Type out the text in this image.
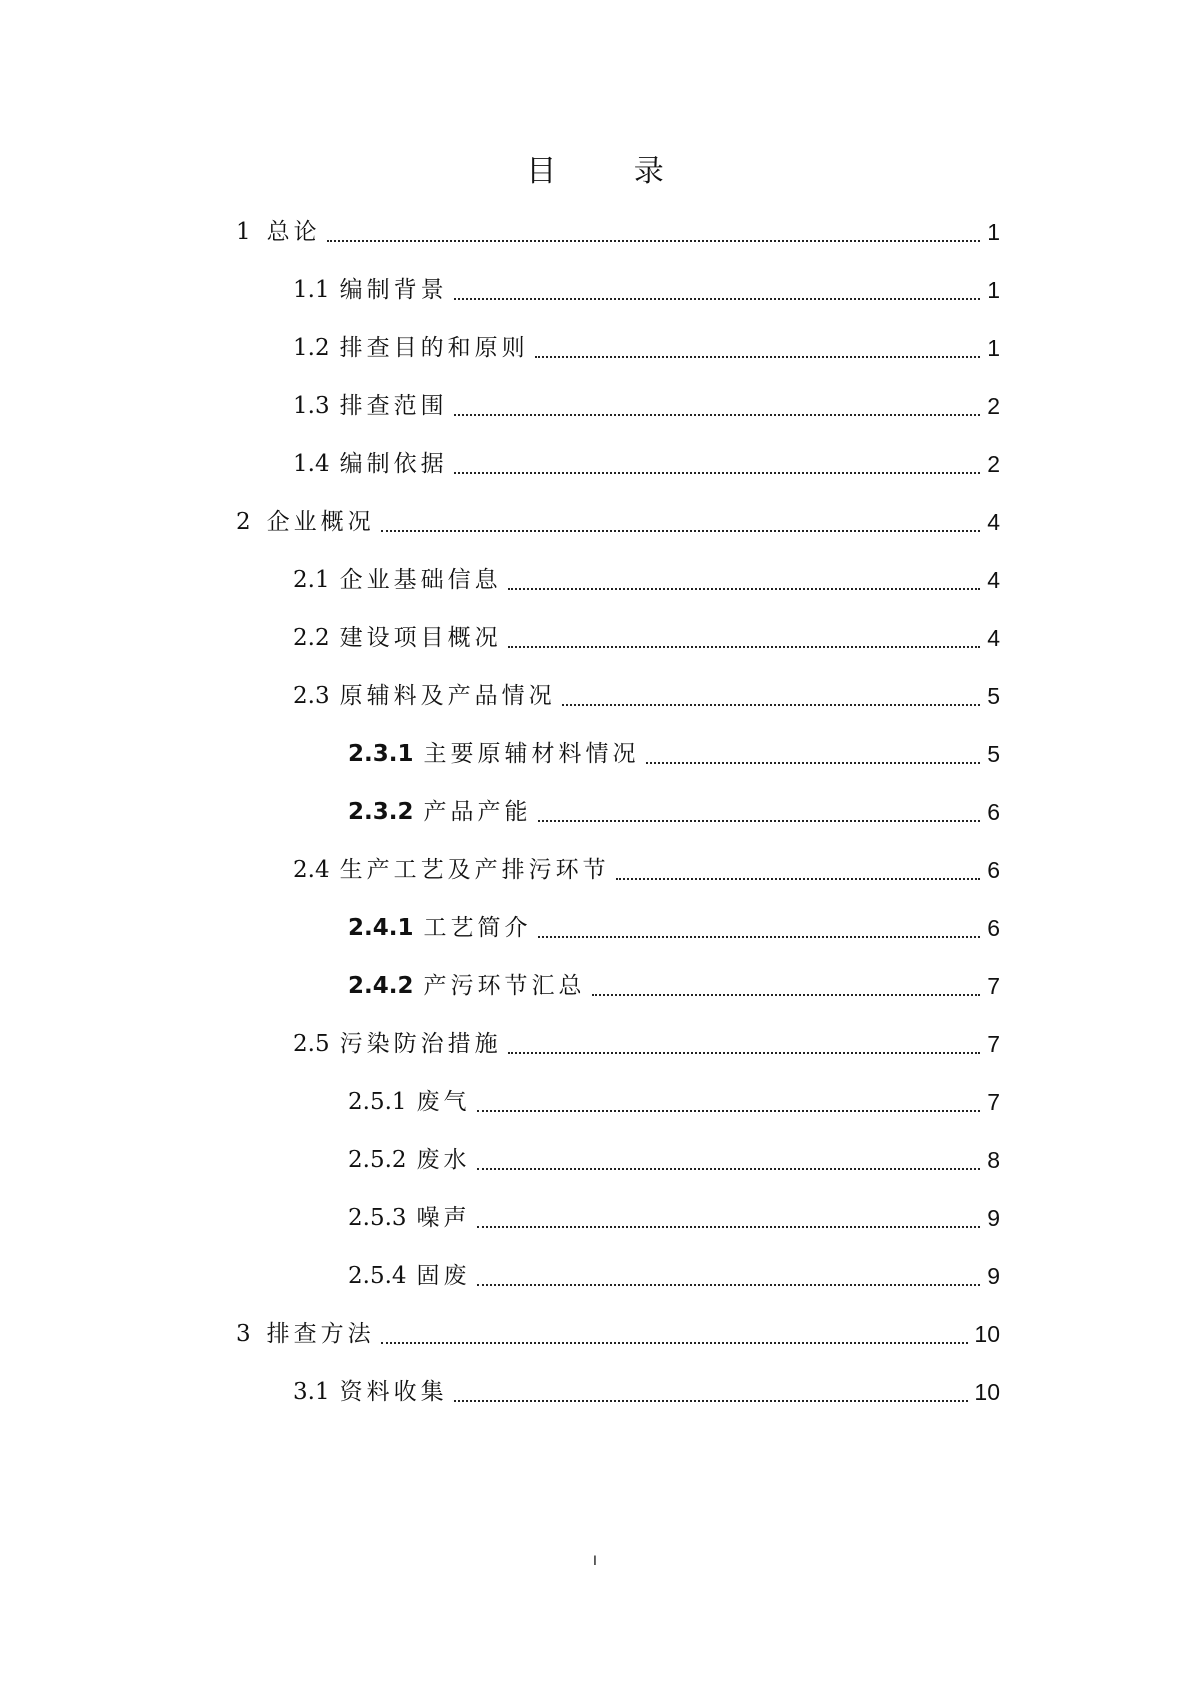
目 录
1 总论	1
1.1 编制背景	1
1.2 排查目的和原则	1
1.3 排查范围	2
1.4 编制依据	2
2 企业概况	4
2.1 企业基础信息	4
2.2 建设项目概况	4
2.3 原辅料及产品情况	5
2.3.1 主要原辅材料情况	5
2.3.2 产品产能	6
2.4 生产工艺及产排污环节	6
2.4.1 工艺简介	6
2.4.2 产污环节汇总	7
2.5 污染防治措施	7
2.5.1 废气	7
2.5.2 废水	8
2.5.3 噪声	9
2.5.4 固废	9
3 排查方法	10
3.1 资料收集	10
I
